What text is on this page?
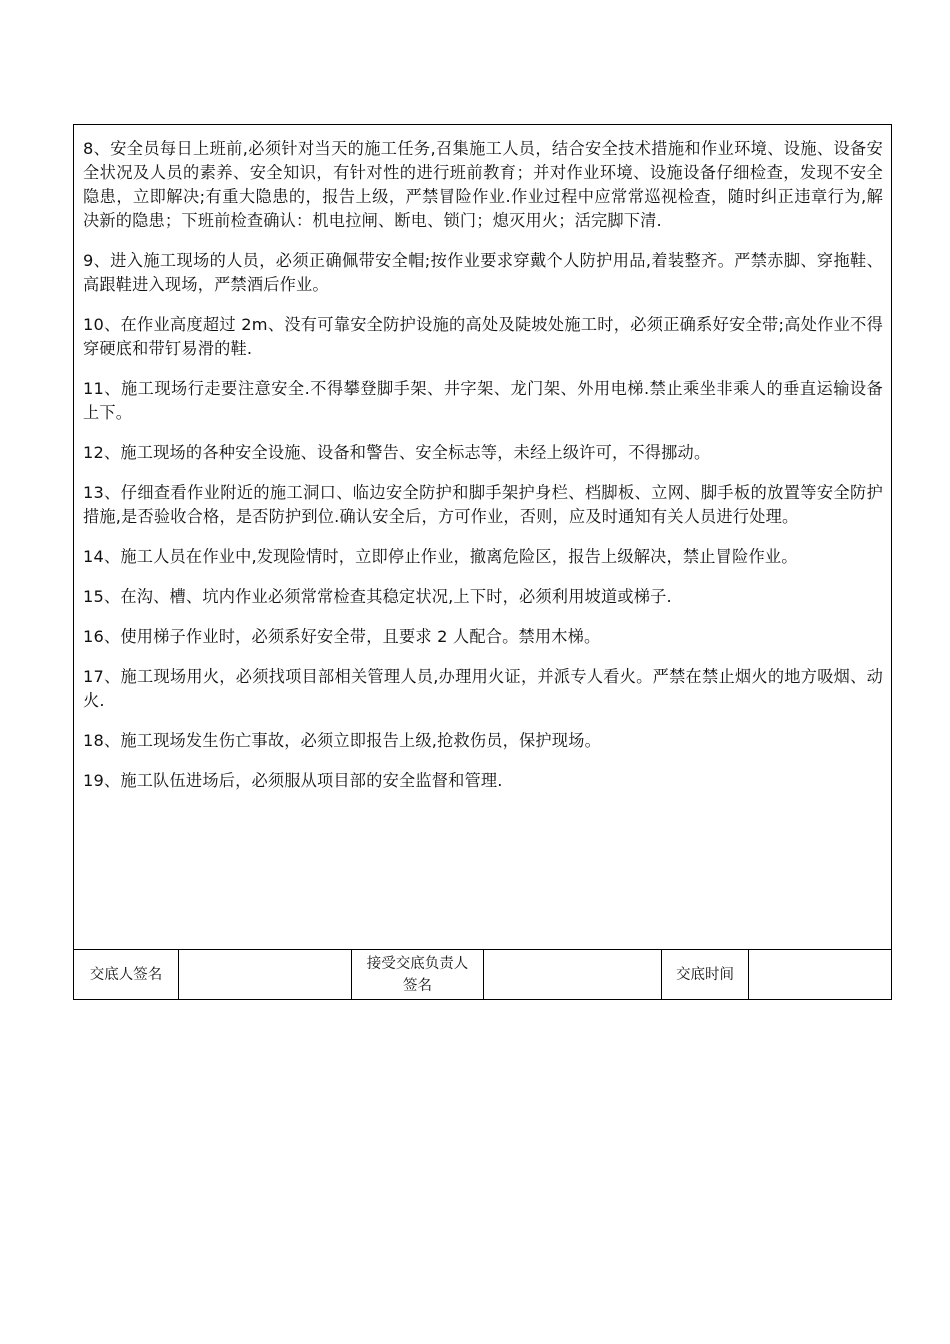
8、安全员每日上班前,必须针对当天的施工任务,召集施工人员，结合安全技术措施和作业环境、设施、设备安全状况及人员的素养、安全知识，有针对性的进行班前教育；并对作业环境、设施设备仔细检查，发现不安全隐患，立即解决;有重大隐患的，报告上级，严禁冒险作业.作业过程中应常常巡视检查，随时纠正违章行为,解决新的隐患；下班前检查确认：机电拉闸、断电、锁门；熄灭用火；活完脚下清.

9、进入施工现场的人员，必须正确佩带安全帽;按作业要求穿戴个人防护用品,着装整齐。严禁赤脚、穿拖鞋、高跟鞋进入现场，严禁酒后作业。

10、在作业高度超过 2m、没有可靠安全防护设施的高处及陡坡处施工时，必须正确系好安全带;高处作业不得穿硬底和带钉易滑的鞋.

11、施工现场行走要注意安全.不得攀登脚手架、井字架、龙门架、外用电梯.禁止乘坐非乘人的垂直运输设备上下。

12、施工现场的各种安全设施、设备和警告、安全标志等，未经上级许可，不得挪动。

13、仔细查看作业附近的施工洞口、临边安全防护和脚手架护身栏、档脚板、立网、脚手板的放置等安全防护措施,是否验收合格，是否防护到位.确认安全后，方可作业，否则，应及时通知有关人员进行处理。

14、施工人员在作业中,发现险情时，立即停止作业，撤离危险区，报告上级解决，禁止冒险作业。

15、在沟、槽、坑内作业必须常常检查其稳定状况,上下时，必须利用坡道或梯子.

16、使用梯子作业时，必须系好安全带，且要求 2 人配合。禁用木梯。

17、施工现场用火，必须找项目部相关管理人员,办理用火证，并派专人看火。严禁在禁止烟火的地方吸烟、动火.

18、施工现场发生伤亡事故，必须立即报告上级,抢救伤员，保护现场。

19、施工队伍进场后，必须服从项目部的安全监督和管理.

交底人签名
接受交底负责人签名
交底时间
